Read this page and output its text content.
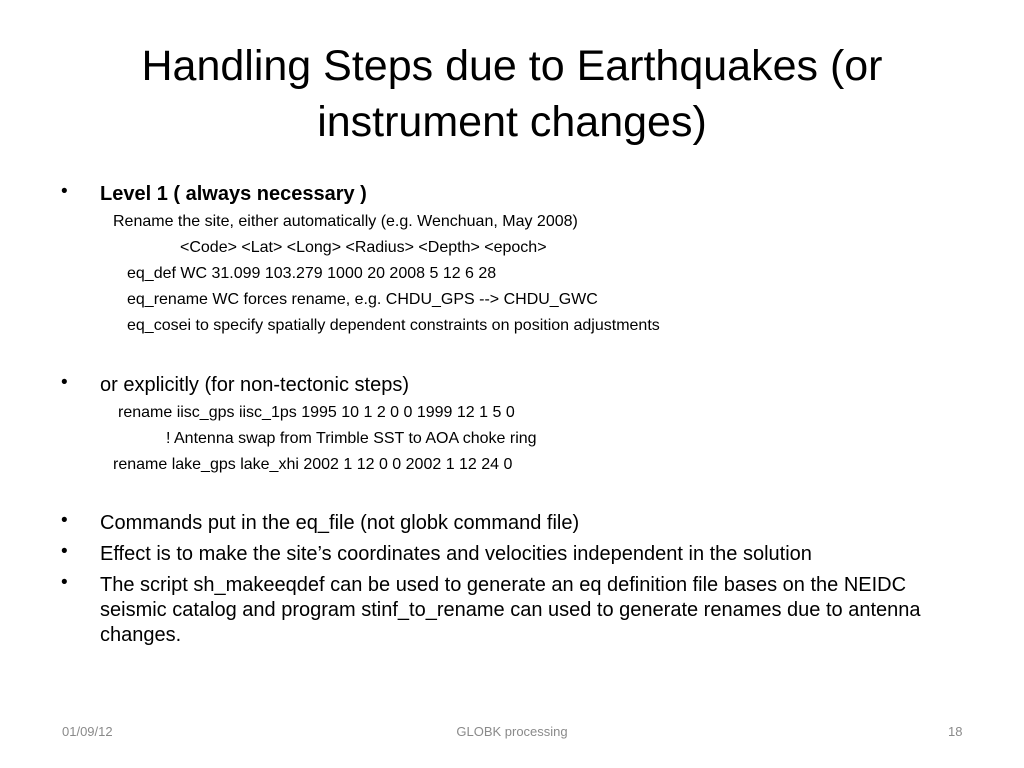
Handling Steps due to Earthquakes (or instrument changes)
• Level 1 ( always necessary )
Rename the site, either automatically (e.g. Wenchuan, May 2008)
<Code> <Lat> <Long> <Radius> <Depth> <epoch>
eq_def WC 31.099 103.279 1000 20 2008 5 12 6 28
eq_rename WC forces rename, e.g. CHDU_GPS --> CHDU_GWC
eq_cosei to specify spatially dependent constraints on position adjustments
• or explicitly (for non-tectonic steps)
rename iisc_gps iisc_1ps 1995 10 1 2 0 0 1999 12 1 5 0
! Antenna swap from Trimble SST to AOA choke ring
rename lake_gps lake_xhi 2002 1 12 0 0 2002 1 12 24 0
• Commands put in the eq_file (not globk command file)
• Effect is to make the site’s coordinates and velocities independent in the solution
• The script sh_makeeqdef can be used to generate an eq definition file bases on the NEIDC seismic catalog and program stinf_to_rename can used to generate renames due to antenna changes.
01/09/12	GLOBK processing	18
